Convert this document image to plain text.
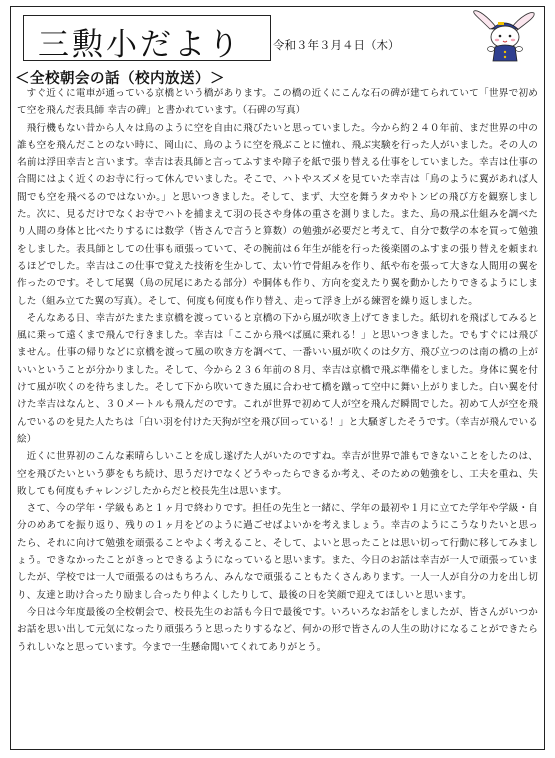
三勲小だより	令和３年３月４日（木）
＜全校朝会の話（校内放送）＞

すぐ近くに電車が通っている京橋という橋があります。この橋の近くにこんな石の碑が建てられていて「世界で初めて空を飛んだ表具師 幸吉の碑」と書かれています。（石碑の写真）

飛行機もない昔から人々は鳥のように空を自由に飛びたいと思っていました。今から約２４０年前、まだ世界の中の誰も空を飛んだことのない時に、岡山に、鳥のように空を飛ぶことに憧れ、飛ぶ実験を行った人がいました。その人の名前は浮田幸吉と言います。幸吉は表具師と言ってふすまや障子を紙で張り替える仕事をしていました。幸吉は仕事の合間にはよく近くのお寺に行って休んでいました。そこで、ハトやスズメを見ていた幸吉は「鳥のように翼があれば人間でも空を飛べるのではないか。」と思いつきました。そして、まず、大空を舞うタカやトンビの飛び方を観察しました。次に、見るだけでなくお寺でハトを捕まえて羽の長さや身体の重さを測りました。また、鳥の飛ぶ仕組みを調べたり人間の身体と比べたりするには数学（皆さんで言うと算数）の勉強が必要だと考えて、自分で数学の本を買って勉強をしました。表具師としての仕事も頑張っていて、その腕前は６年生が能を行った後楽園のふすまの張り替えを頼まれるほどでした。幸吉はこの仕事で覚えた技術を生かして、太い竹で骨組みを作り、紙や布を張って大きな人間用の翼を作ったのです。そして尾翼（鳥の尻尾にあたる部分）や胴体も作り、方向を変えたり翼を動かしたりできるようにしました（組み立てた翼の写真）。そして、何度も何度も作り替え、走って浮き上がる練習を繰り返しました。

そんなある日、幸吉がたまたま京橋を渡っていると京橋の下から風が吹き上げてきました。紙切れを飛ばしてみると風に乗って遠くまで飛んで行きました。幸吉は「ここから飛べば風に乗れる！」と思いつきました。でもすぐには飛びません。仕事の帰りなどに京橋を渡って風の吹き方を調べて、一番いい風が吹くのは夕方、飛び立つのは南の橋の上がいいということが分かりました。そして、今から２３６年前の８月、幸吉は京橋で飛ぶ準備をしました。身体に翼を付けて風が吹くのを待ちました。そして下から吹いてきた風に合わせて橋を蹴って空中に舞い上がりました。白い翼を付けた幸吉はなんと、３０メートルも飛んだのです。これが世界で初めて人が空を飛んだ瞬間でした。初めて人が空を飛んでいるのを見た人たちは「白い羽を付けた天狗が空を飛び回っている！」と大騒ぎしたそうです。（幸吉が飛んでいる絵）

近くに世界初のこんな素晴らしいことを成し遂げた人がいたのですね。幸吉が世界で誰もできないことをしたのは、空を飛びたいという夢をもち続け、思うだけでなくどうやったらできるか考え、そのための勉強をし、工夫を重ね、失敗しても何度もチャレンジしたからだと校長先生は思います。

さて、今の学年・学級もあと１ヶ月で終わりです。担任の先生と一緒に、学年の最初や１月に立てた学年や学級・自分のめあてを振り返り、残りの１ヶ月をどのように過ごせばよいかを考えましょう。幸吉のようにこうなりたいと思ったら、それに向けて勉強を頑張ることやよく考えること、そして、よいと思ったことは思い切って行動に移してみましょう。できなかったことがきっとできるようになっていると思います。また、今日のお話は幸吉が一人で頑張っていましたが、学校では一人で頑張るのはもちろん、みんなで頑張ることもたくさんあります。一人一人が自分の力を出し切り、友達と助け合ったり励まし合ったり仲よくしたりして、最後の日を笑顔で迎えてほしいと思います。

今日は今年度最後の全校朝会で、校長先生のお話も今日で最後です。いろいろなお話をしましたが、皆さんがいつかお話を思い出して元気になったり頑張ろうと思ったりするなど、何かの形で皆さんの人生の助けになることができたらうれしいなと思っています。今まで一生懸命聞いてくれてありがとう。
